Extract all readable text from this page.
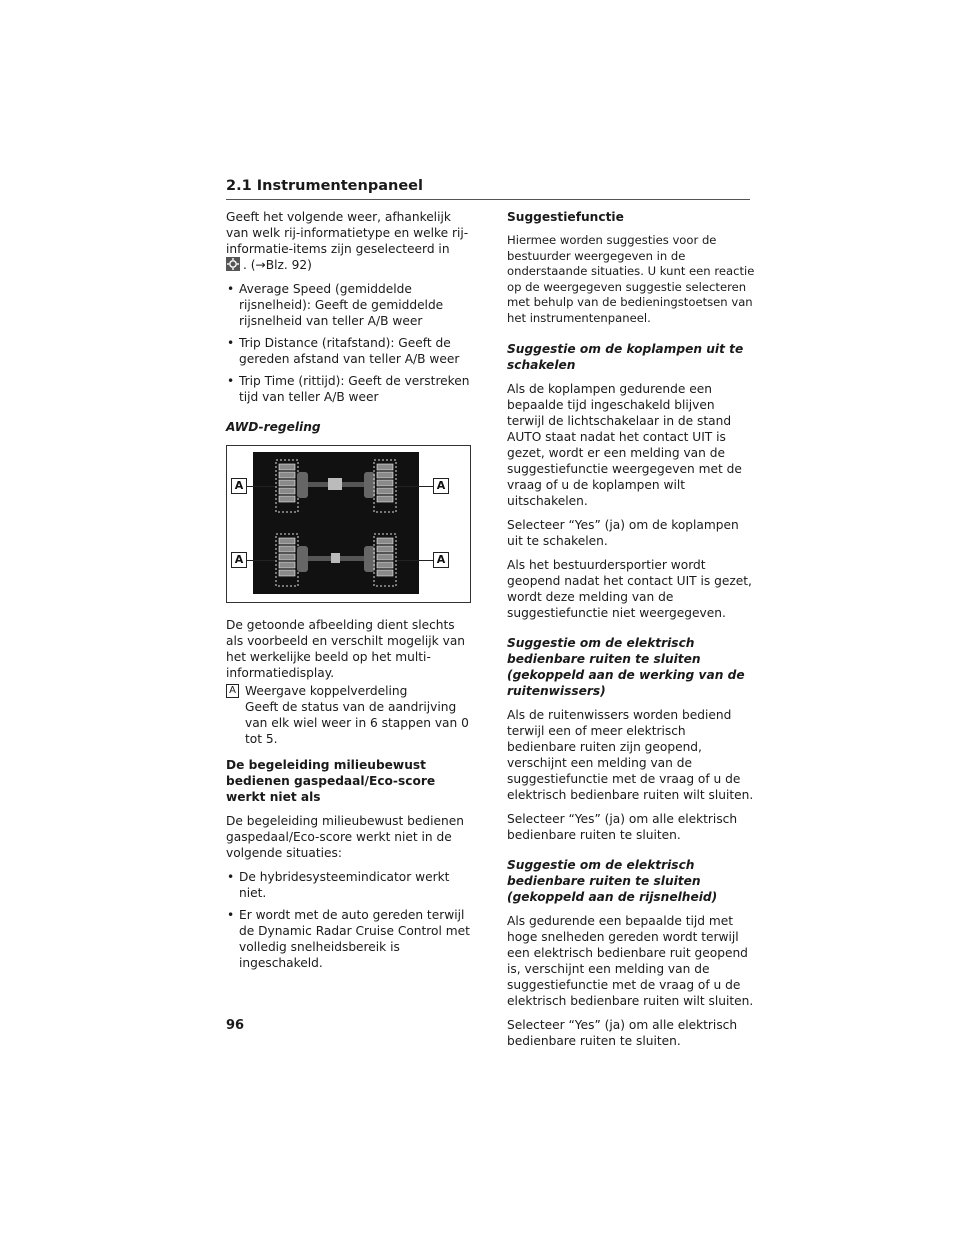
2.1 Instrumentenpaneel

Geeft het volgende weer, afhankelijk van welk rij-informatietype en welke rij-informatie-items zijn geselecteerd in

. (→Blz. 92)

• Average Speed (gemiddelde rijsnelheid): Geeft de gemiddelde rijsnelheid van teller A/B weer
• Trip Distance (ritafstand): Geeft de gereden afstand van teller A/B weer
• Trip Time (rittijd): Geeft de verstreken tijd van teller A/B weer
AWD-regeling
A	A
A	A

De getoonde afbeelding dient slechts als voorbeeld en verschilt mogelijk van het werkelijke beeld op het multi-informatiedisplay.

A Weergave koppelverdeling
Geeft de status van de aandrijving van elk wiel weer in 6 stappen van 0 tot 5.
De begeleiding milieubewust bedienen gaspedaal/Eco-score werkt niet als

De begeleiding milieubewust bedienen gaspedaal/Eco-score werkt niet in de volgende situaties:

• De hybridesysteemindicator werkt niet.
• Er wordt met de auto gereden terwijl de Dynamic Radar Cruise Control met volledig snelheidsbereik is ingeschakeld.
Suggestiefunctie

Hiermee worden suggesties voor de bestuurder weergegeven in de onderstaande situaties. U kunt een reactie op de weergegeven suggestie selecteren met behulp van de bedieningstoetsen van het instrumentenpaneel.

Suggestie om de koplampen uit te schakelen

Als de koplampen gedurende een bepaalde tijd ingeschakeld blijven terwijl de lichtschakelaar in de stand AUTO staat nadat het contact UIT is gezet, wordt er een melding van de suggestiefunctie weergegeven met de vraag of u de koplampen wilt uitschakelen.

Selecteer “Yes” (ja) om de koplampen uit te schakelen.

Als het bestuurdersportier wordt geopend nadat het contact UIT is gezet, wordt deze melding van de suggestiefunctie niet weergegeven.

Suggestie om de elektrisch bedienbare ruiten te sluiten (gekoppeld aan de werking van de ruitenwissers)

Als de ruitenwissers worden bediend terwijl een of meer elektrisch bedienbare ruiten zijn geopend, verschijnt een melding van de suggestiefunctie met de vraag of u de elektrisch bedienbare ruiten wilt sluiten.

Selecteer “Yes” (ja) om alle elektrisch bedienbare ruiten te sluiten.

Suggestie om de elektrisch bedienbare ruiten te sluiten (gekoppeld aan de rijsnelheid)

Als gedurende een bepaalde tijd met hoge snelheden gereden wordt terwijl een elektrisch bedienbare ruit geopend is, verschijnt een melding van de suggestiefunctie met de vraag of u de elektrisch bedienbare ruiten wilt sluiten.

Selecteer “Yes” (ja) om alle elektrisch bedienbare ruiten te sluiten.

96
